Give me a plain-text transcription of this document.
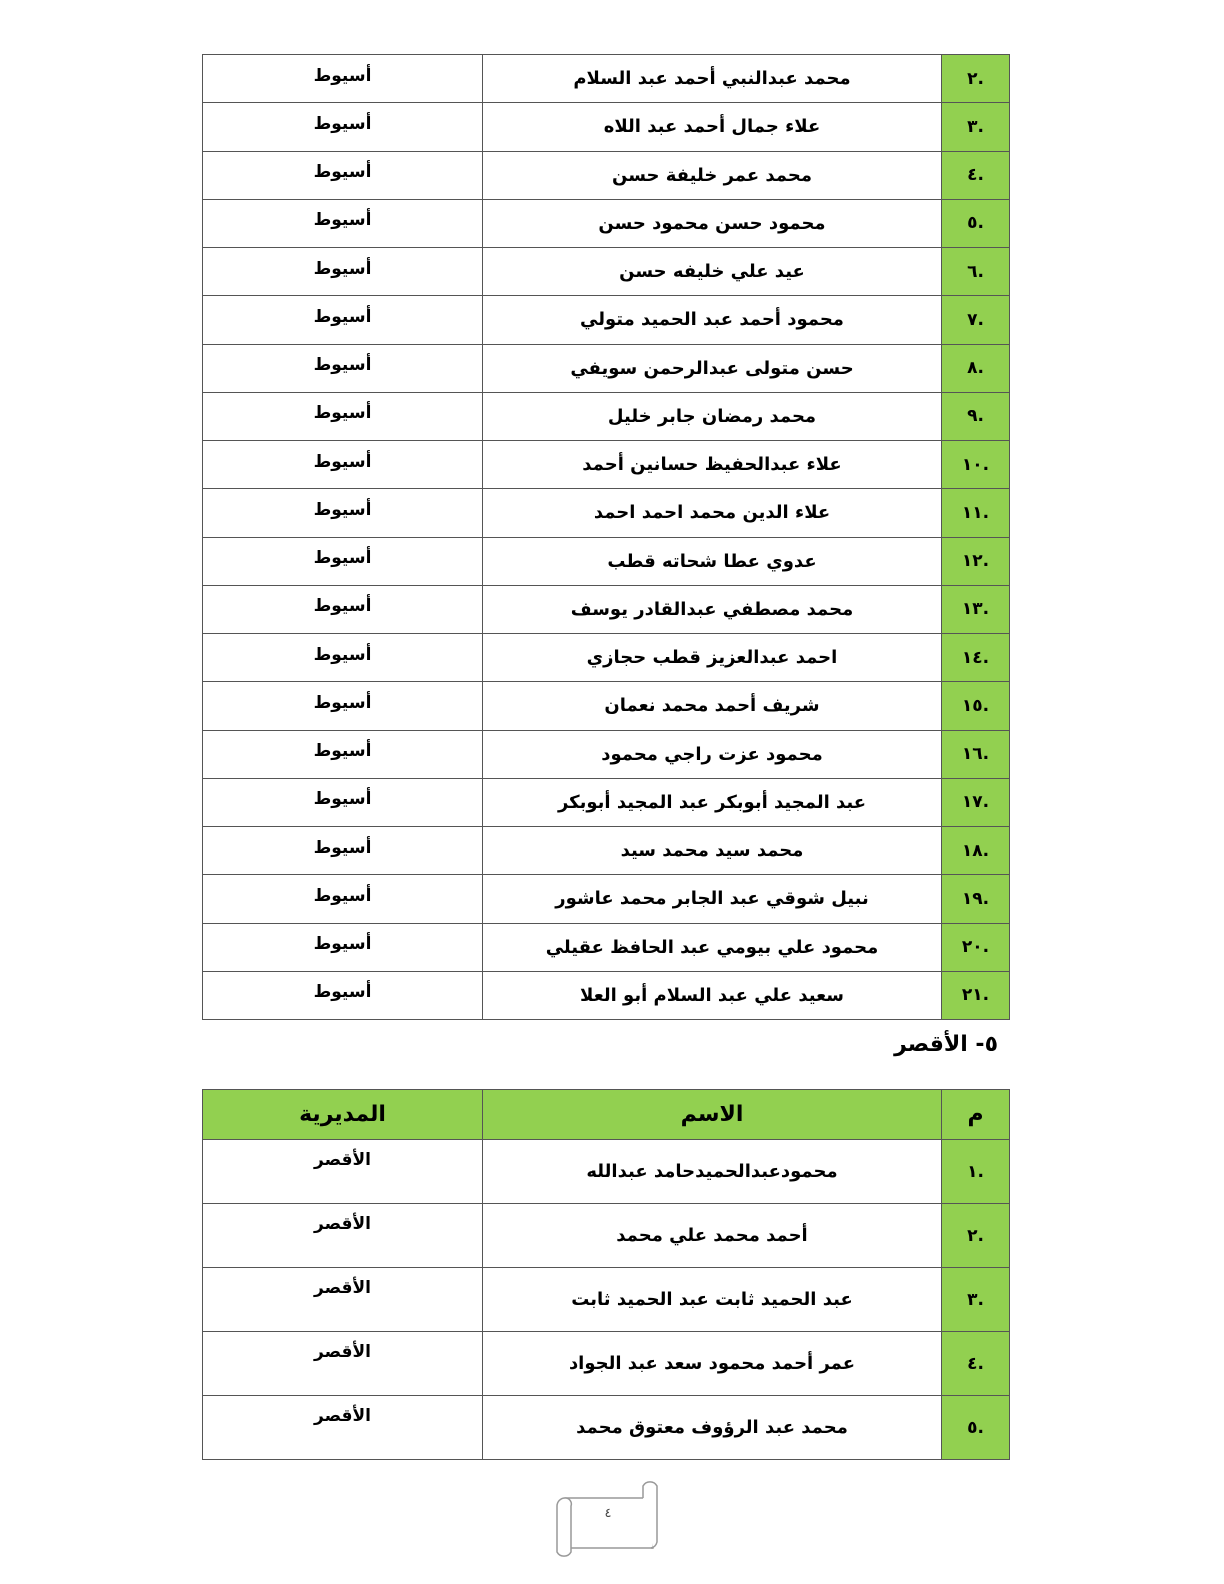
.٢	محمد عبدالنبي أحمد عبد السلام	أسيوط
.٣	علاء جمال أحمد عبد اللاه	أسيوط
.٤	محمد عمر خليفة حسن	أسيوط
.٥	محمود حسن محمود حسن	أسيوط
.٦	عيد علي خليفه حسن	أسيوط
.٧	محمود أحمد عبد الحميد متولي	أسيوط
.٨	حسن متولى عبدالرحمن سويفي	أسيوط
.٩	محمد رمضان جابر خليل	أسيوط
.١٠	علاء عبدالحفيظ حسانين أحمد	أسيوط
.١١	علاء الدين محمد احمد احمد	أسيوط
.١٢	عدوي عطا شحاته قطب	أسيوط
.١٣	محمد مصطفي عبدالقادر يوسف	أسيوط
.١٤	احمد عبدالعزيز قطب حجازي	أسيوط
.١٥	شريف أحمد محمد نعمان	أسيوط
.١٦	محمود عزت راجي محمود	أسيوط
.١٧	عبد المجيد أبوبكر عبد المجيد أبوبكر	أسيوط
.١٨	محمد سيد محمد سيد	أسيوط
.١٩	نبيل شوقي عبد الجابر محمد عاشور	أسيوط
.٢٠	محمود علي بيومي عبد الحافظ عقيلي	أسيوط
.٢١	سعيد علي عبد السلام أبو العلا	أسيوط
٥- الأقصر
م	الاسم	المديرية
.١	محمودعبدالحميدحامد عبدالله	الأقصر
.٢	أحمد محمد علي محمد	الأقصر
.٣	عبد الحميد ثابت عبد الحميد ثابت	الأقصر
.٤	عمر أحمد محمود سعد عبد الجواد	الأقصر
.٥	محمد عبد الرؤوف معتوق محمد	الأقصر
٤
